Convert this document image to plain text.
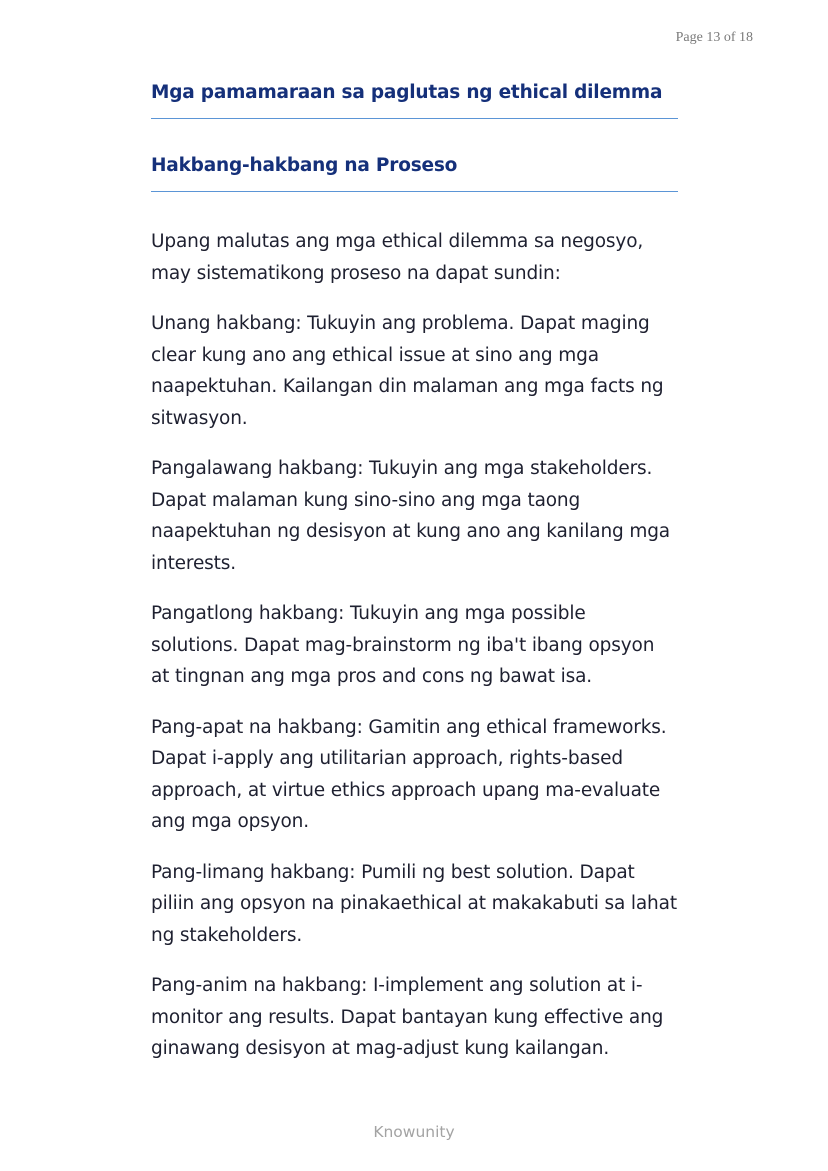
Page 13 of 18
Mga pamamaraan sa paglutas ng ethical dilemma
Hakbang-hakbang na Proseso

Upang malutas ang mga ethical dilemma sa negosyo, may sistematikong proseso na dapat sundin:

Unang hakbang: Tukuyin ang problema. Dapat maging clear kung ano ang ethical issue at sino ang mga naapektuhan. Kailangan din malaman ang mga facts ng sitwasyon.

Pangalawang hakbang: Tukuyin ang mga stakeholders. Dapat malaman kung sino-sino ang mga taong naapektuhan ng desisyon at kung ano ang kanilang mga interests.

Pangatlong hakbang: Tukuyin ang mga possible solutions. Dapat mag-brainstorm ng iba't ibang opsyon at tingnan ang mga pros and cons ng bawat isa.

Pang-apat na hakbang: Gamitin ang ethical frameworks. Dapat i-apply ang utilitarian approach, rights-based approach, at virtue ethics approach upang ma-evaluate ang mga opsyon.

Pang-limang hakbang: Pumili ng best solution. Dapat piliin ang opsyon na pinakaethical at makakabuti sa lahat ng stakeholders.

Pang-anim na hakbang: I-implement ang solution at i-monitor ang results. Dapat bantayan kung effective ang ginawang desisyon at mag-adjust kung kailangan.

Knowunity
